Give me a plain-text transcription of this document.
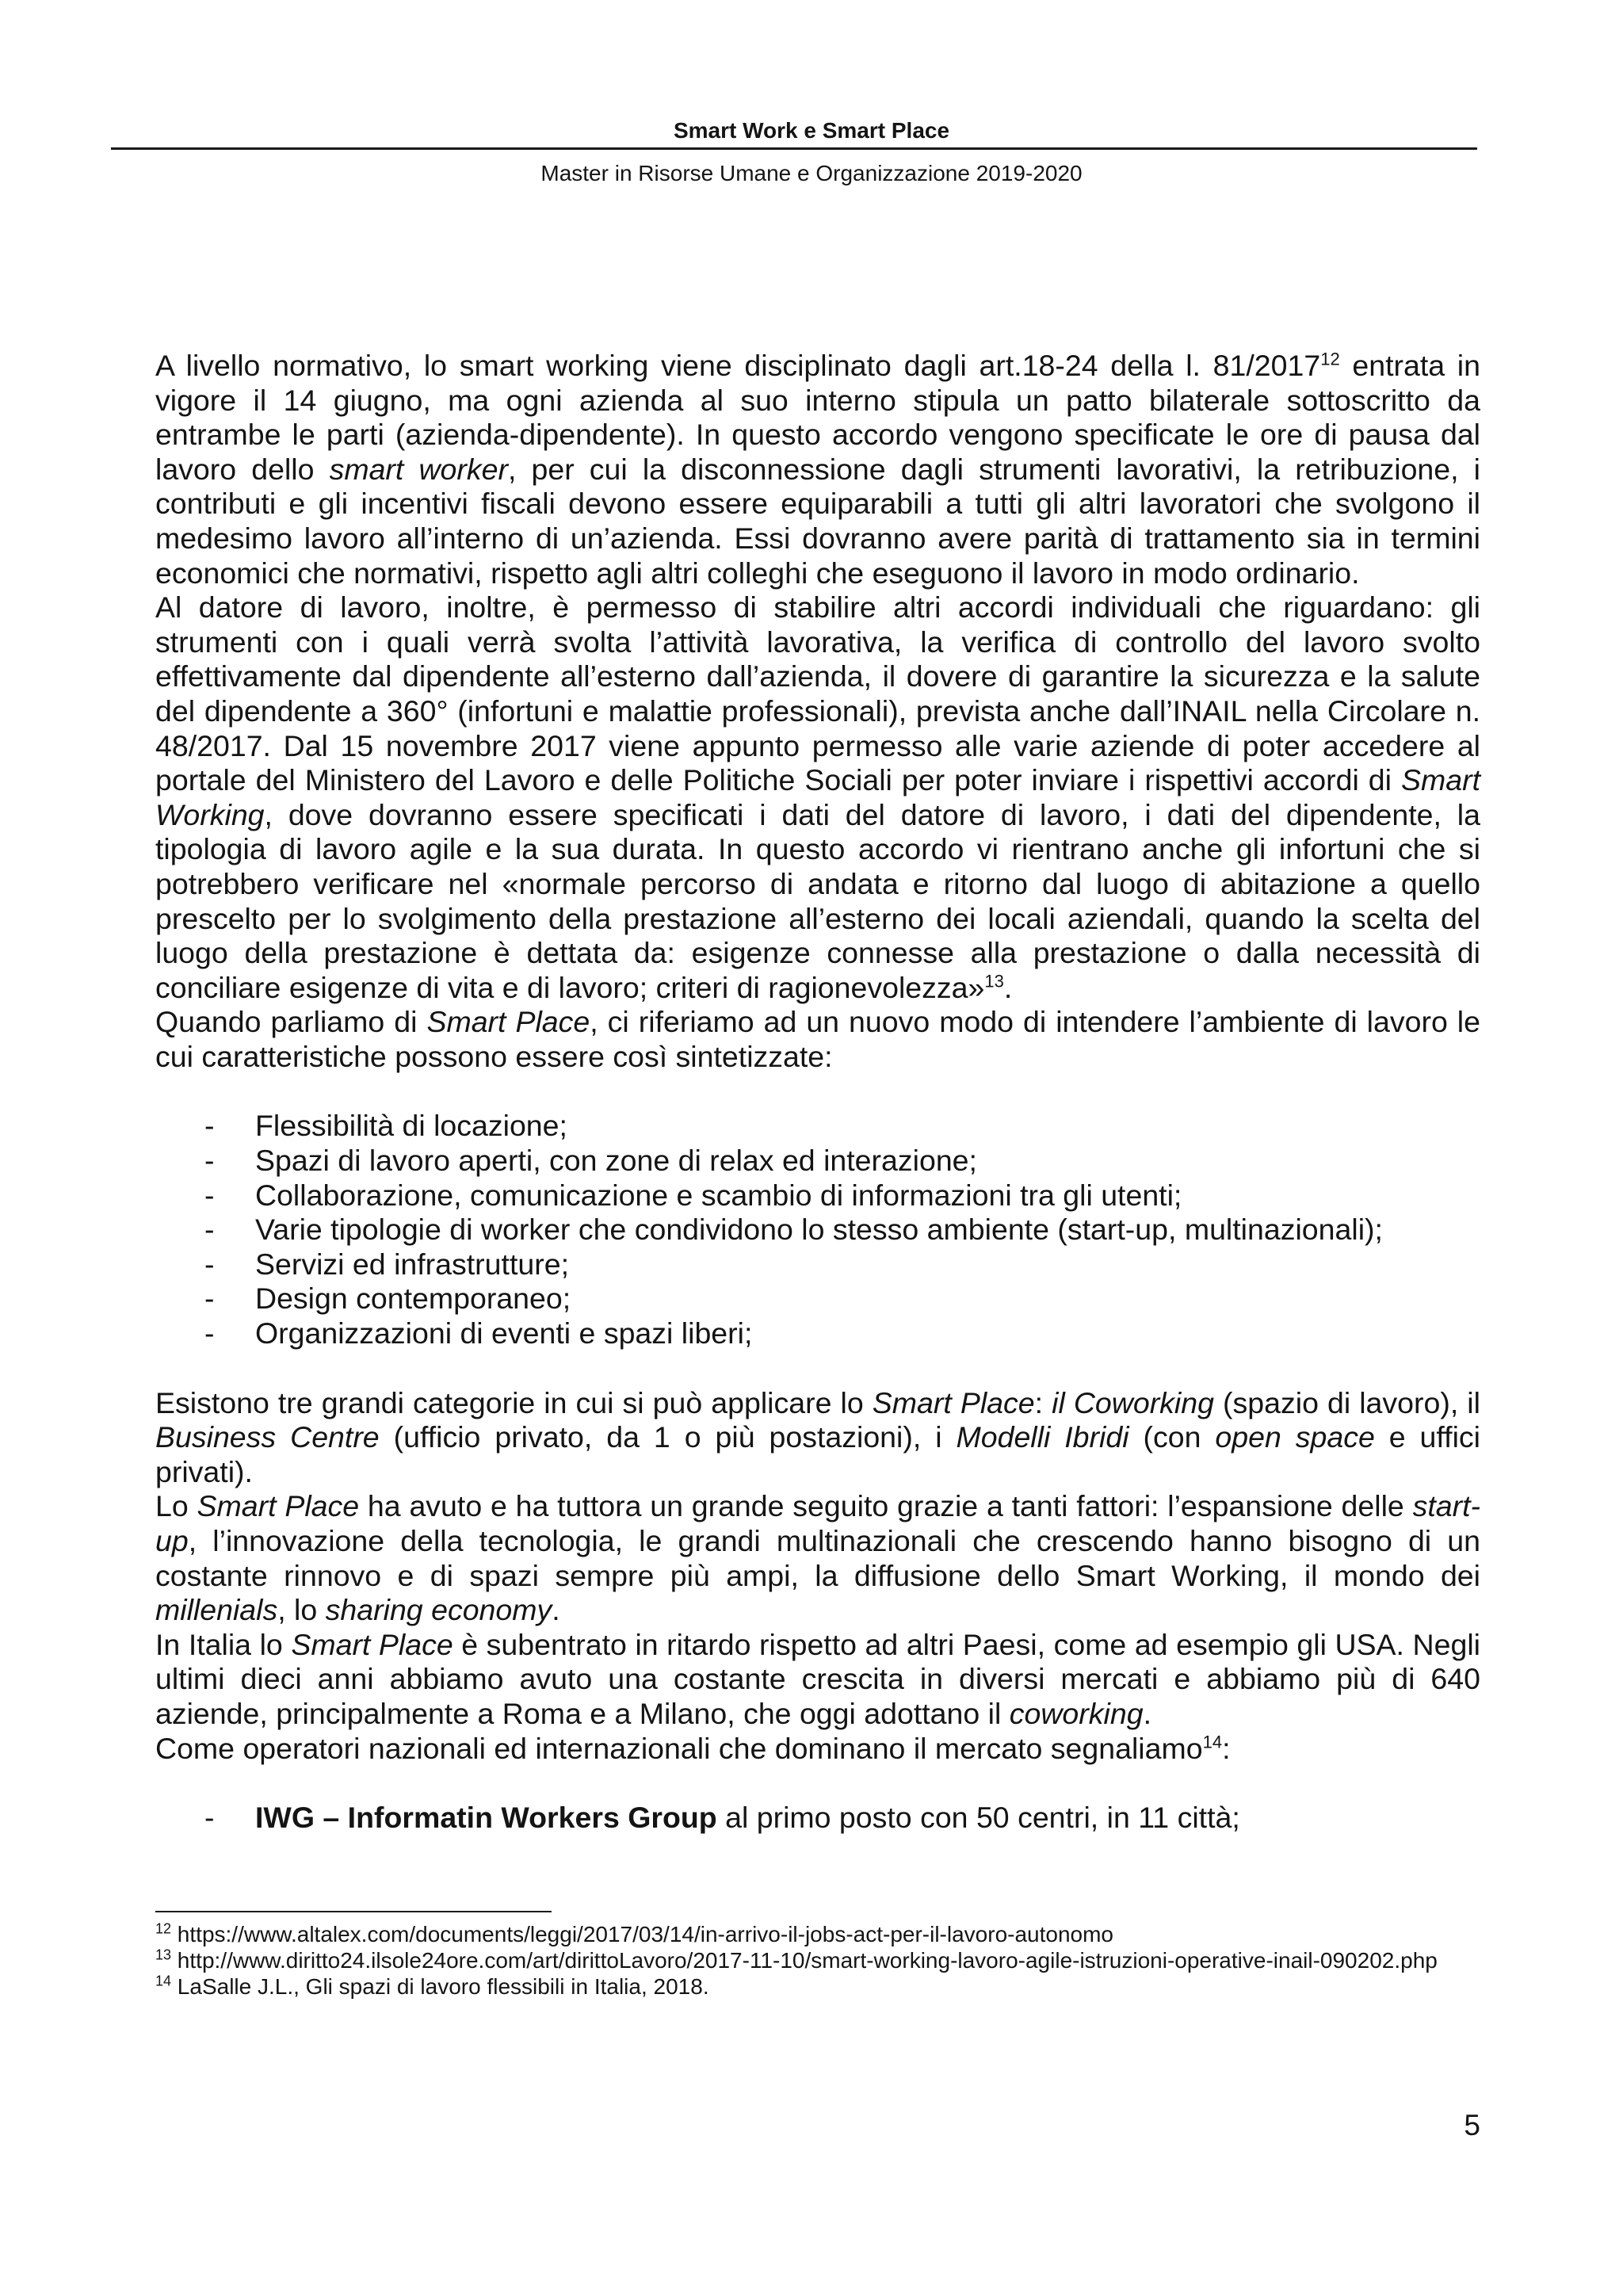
Smart Work e Smart Place
Master in Risorse Umane e Organizzazione 2019-2020

A livello normativo, lo smart working viene disciplinato dagli art.18-24 della l. 81/2017$^{12}$ entrata in vigore il 14 giugno, ma ogni azienda al suo interno stipula un patto bilaterale sottoscritto da entrambe le parti (azienda-dipendente). In questo accordo vengono specificate le ore di pausa dal lavoro dello smart worker, per cui la disconnessione dagli strumenti lavorativi, la retribuzione, i contributi e gli incentivi fiscali devono essere equiparabili a tutti gli altri lavoratori che svolgono il medesimo lavoro all’interno di un’azienda. Essi dovranno avere parità di trattamento sia in termini economici che normativi, rispetto agli altri colleghi che eseguono il lavoro in modo ordinario.

Al datore di lavoro, inoltre, è permesso di stabilire altri accordi individuali che riguardano: gli strumenti con i quali verrà svolta l’attività lavorativa, la verifica di controllo del lavoro svolto effettivamente dal dipendente all’esterno dall’azienda, il dovere di garantire la sicurezza e la salute del dipendente a 360° (infortuni e malattie professionali), prevista anche dall’INAIL nella Circolare n. 48/2017. Dal 15 novembre 2017 viene appunto permesso alle varie aziende di poter accedere al portale del Ministero del Lavoro e delle Politiche Sociali per poter inviare i rispettivi accordi di Smart Working, dove dovranno essere specificati i dati del datore di lavoro, i dati del dipendente, la tipologia di lavoro agile e la sua durata. In questo accordo vi rientrano anche gli infortuni che si potrebbero verificare nel «normale percorso di andata e ritorno dal luogo di abitazione a quello prescelto per lo svolgimento della prestazione all’esterno dei locali aziendali, quando la scelta del luogo della prestazione è dettata da: esigenze connesse alla prestazione o dalla necessità di conciliare esigenze di vita e di lavoro; criteri di ragionevolezza»$^{13}$.

Quando parliamo di Smart Place, ci riferiamo ad un nuovo modo di intendere l’ambiente di lavoro le cui caratteristiche possono essere così sintetizzate:

- Flessibilità di locazione;
- Spazi di lavoro aperti, con zone di relax ed interazione;
- Collaborazione, comunicazione e scambio di informazioni tra gli utenti;
- Varie tipologie di worker che condividono lo stesso ambiente (start-up, multinazionali);
- Servizi ed infrastrutture;
- Design contemporaneo;
- Organizzazioni di eventi e spazi liberi;

Esistono tre grandi categorie in cui si può applicare lo Smart Place: il Coworking (spazio di lavoro), il Business Centre (ufficio privato, da 1 o più postazioni), i Modelli Ibridi (con open space e uffici privati).

Lo Smart Place ha avuto e ha tuttora un grande seguito grazie a tanti fattori: l’espansione delle start-up, l’innovazione della tecnologia, le grandi multinazionali che crescendo hanno bisogno di un costante rinnovo e di spazi sempre più ampi, la diffusione dello Smart Working, il mondo dei millenials, lo sharing economy.

In Italia lo Smart Place è subentrato in ritardo rispetto ad altri Paesi, come ad esempio gli USA. Negli ultimi dieci anni abbiamo avuto una costante crescita in diversi mercati e abbiamo più di 640 aziende, principalmente a Roma e a Milano, che oggi adottano il coworking.

Come operatori nazionali ed internazionali che dominano il mercato segnaliamo$^{14}$:

- IWG – Informatin Workers Group al primo posto con 50 centri, in 11 città;

$^{12}$ https://www.altalex.com/documents/leggi/2017/03/14/in-arrivo-il-jobs-act-per-il-lavoro-autonomo

$^{13}$ http://www.diritto24.ilsole24ore.com/art/dirittoLavoro/2017-11-10/smart-working-lavoro-agile-istruzioni-operative-inail-090202.php

$^{14}$ LaSalle J.L., Gli spazi di lavoro flessibili in Italia, 2018.

5
